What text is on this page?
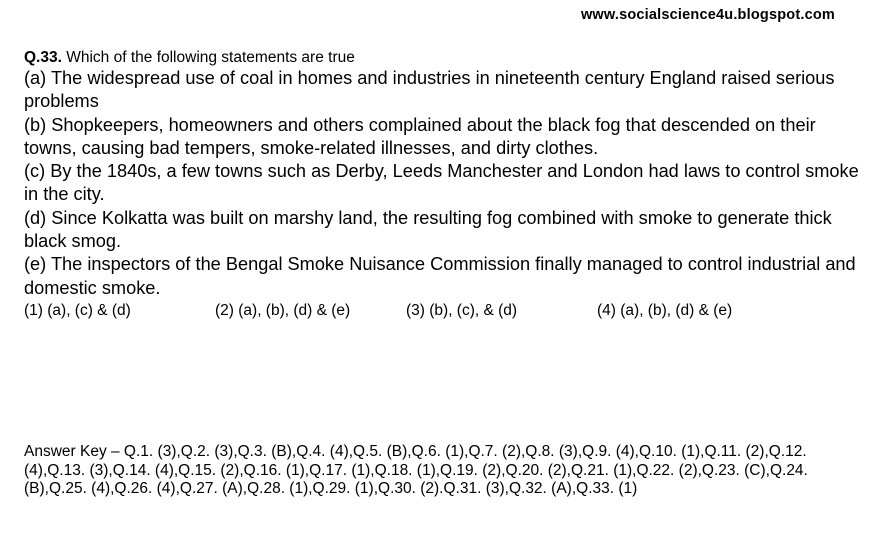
www.socialscience4u.blogspot.com
Q.33. Which of the following statements are true
(a) The widespread use of coal in homes and industries in nineteenth century England raised serious problems
(b) Shopkeepers, homeowners and others complained about the black fog that descended on their towns, causing bad tempers, smoke-related illnesses, and dirty clothes.
(c) By the 1840s, a few towns such as Derby, Leeds Manchester and London had laws to control smoke in the city.
(d) Since Kolkatta was built on marshy land, the resulting fog combined with smoke to generate thick black smog.
(e) The inspectors of the Bengal Smoke Nuisance Commission finally managed to control industrial and domestic smoke.
(1) (a), (c) & (d)	(2) (a), (b), (d) & (e)	(3) (b), (c), & (d)	(4) (a), (b), (d) & (e)
Answer Key – Q.1. (3),Q.2. (3),Q.3. (B),Q.4. (4),Q.5. (B),Q.6. (1),Q.7. (2),Q.8. (3),Q.9. (4),Q.10. (1),Q.11. (2),Q.12. (4),Q.13. (3),Q.14. (4),Q.15. (2),Q.16. (1),Q.17. (1),Q.18. (1),Q.19. (2),Q.20. (2),Q.21. (1),Q.22. (2),Q.23. (C),Q.24. (B),Q.25. (4),Q.26. (4),Q.27. (A),Q.28. (1),Q.29. (1),Q.30. (2).Q.31. (3),Q.32. (A),Q.33. (1)
